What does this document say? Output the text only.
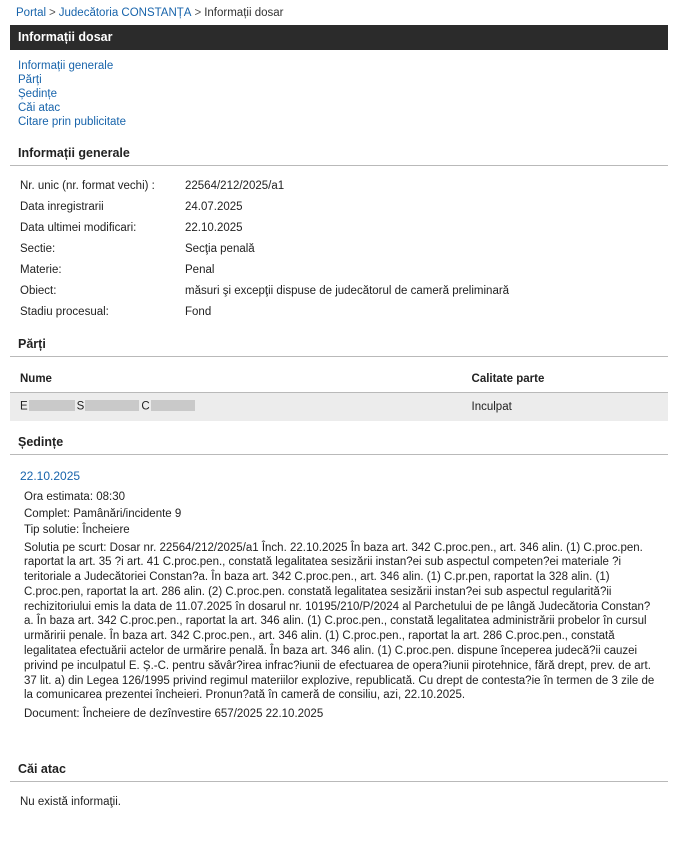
Portal > Judecătoria CONSTANȚA > Informații dosar
Informații dosar
Informații generale
Părți
Ședințe
Căi atac
Citare prin publicitate
Informații generale
Nr. unic (nr. format vechi) :	22564/212/2025/a1
Data inregistrarii	24.07.2025
Data ultimei modificari:	22.10.2025
Sectie:	Secţia penală
Materie:	Penal
Obiect:	măsuri şi excepţii dispuse de judecătorul de cameră preliminară
Stadiu procesual:	Fond
Părți
Nume	Calitate parte
E S C	Inculpat
Ședințe
22.10.2025
Ora estimata: 08:30
Complet: Pamânări/incidente 9
Tip solutie: Încheiere

Solutia pe scurt: Dosar nr. 22564/212/2025/a1 Înch. 22.10.2025 În baza art. 342 C.proc.pen., art. 346 alin. (1) C.proc.pen. raportat la art. 35 ?i art. 41 C.proc.pen., constată legalitatea sesizării instan?ei sub aspectul competen?ei materiale ?i teritoriale a Judecătoriei Constan?a. În baza art. 342 C.proc.pen., art. 346 alin. (1) C.pr.pen, raportat la 328 alin. (1) C.proc.pen, raportat la art. 286 alin. (2) C.proc.pen. constată legalitatea sesizării instan?ei sub aspectul regularită?ii rechizitoriului emis la data de 11.07.2025 în dosarul nr. 10195/210/P/2024 al Parchetului de pe lângă Judecătoria Constan?a. În baza art. 342 C.proc.pen., raportat la art. 346 alin. (1) C.proc.pen., constată legalitatea administrării probelor în cursul urmăririi penale. În baza art. 342 C.proc.pen., art. 346 alin. (1) C.proc.pen., raportat la art. 286 C.proc.pen., constată legalitatea efectuării actelor de urmărire penală. În baza art. 346 alin. (1) C.proc.pen. dispune începerea judecă?ii cauzei privind pe inculpatul E. Ș.-C. pentru săvâr?irea infrac?iunii de efectuarea de opera?iunii pirotehnice, fără drept, prev. de art. 37 lit. a) din Legea 126/1995 privind regimul materiilor explozive, republicată. Cu drept de contesta?ie în termen de 3 zile de la comunicarea prezentei încheieri. Pronun?ată în cameră de consiliu, azi, 22.10.2025.

Document: Încheiere de dezînvestire 657/2025 22.10.2025
Căi atac
Nu există informaţii.
